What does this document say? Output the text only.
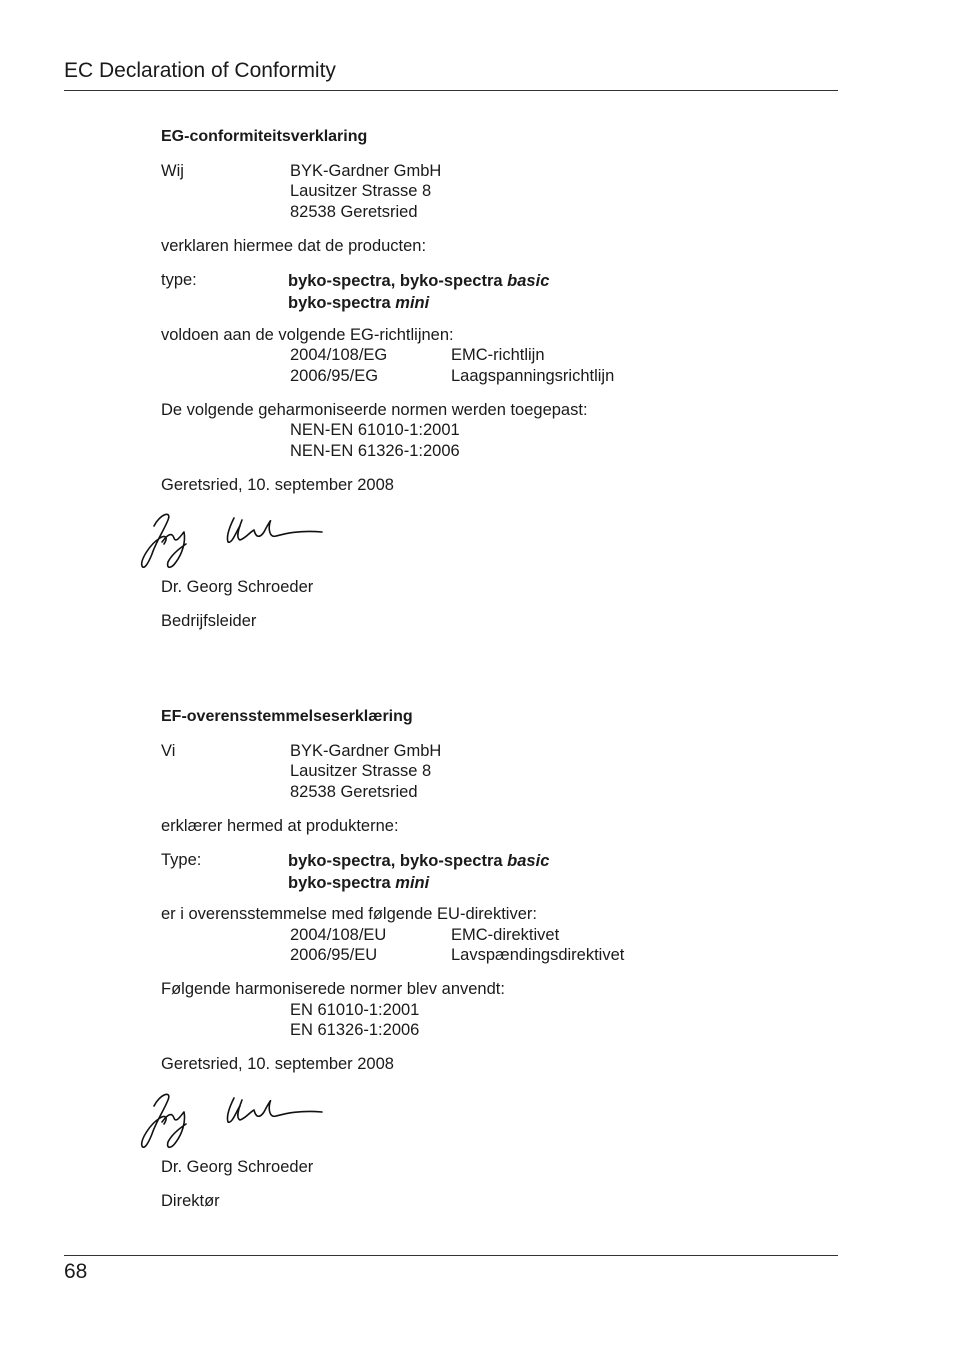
EC Declaration of Conformity
EG-conformiteitsverklaring
Wij	BYK-Gardner GmbH
Lausitzer Strasse 8
82538 Geretsried
verklaren hiermee dat de producten:
type:	byko-spectra, byko-spectra basic
byko-spectra mini
voldoen aan de volgende EG-richtlijnen:
2004/108/EG	EMC-richtlijn
2006/95/EG	Laagspanningsrichtlijn
De volgende geharmoniseerde normen werden toegepast:
NEN-EN 61010-1:2001
NEN-EN 61326-1:2006
Geretsried, 10. september 2008
Dr. Georg Schroeder
Bedrijfsleider
EF-overensstemmelseserklæring
Vi	BYK-Gardner GmbH
Lausitzer Strasse 8
82538 Geretsried
erklærer hermed at produkterne:
Type:	byko-spectra, byko-spectra basic
byko-spectra mini
er i overensstemmelse med følgende EU-direktiver:
2004/108/EU	EMC-direktivet
2006/95/EU	Lavspændingsdirektivet
Følgende harmoniserede normer blev anvendt:
EN 61010-1:2001
EN 61326-1:2006
Geretsried, 10. september 2008
Dr. Georg Schroeder
Direktør
68
